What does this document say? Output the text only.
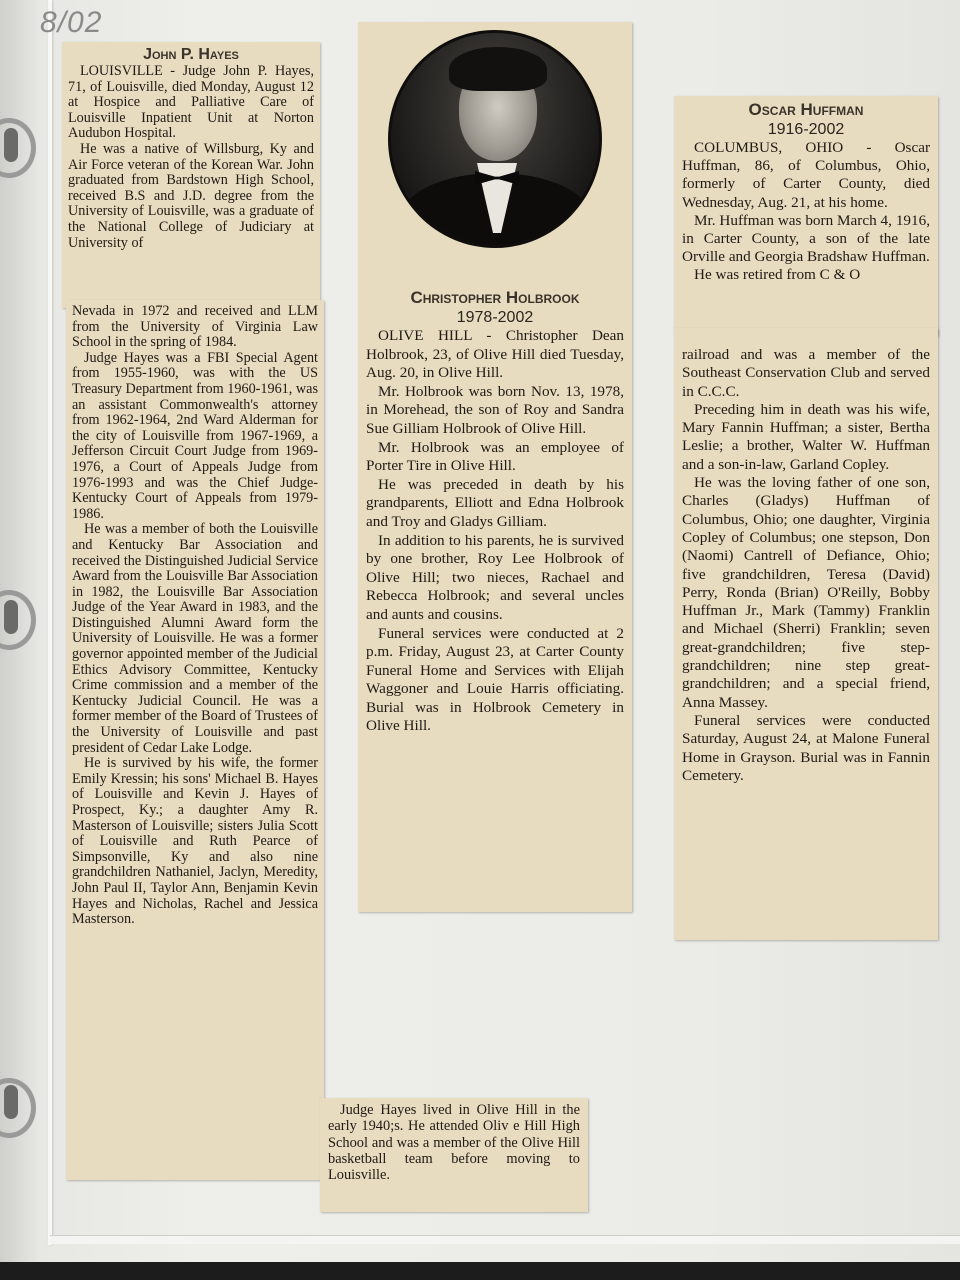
8/02

John P. Hayes

LOUISVILLE - Judge John P. Hayes, 71, of Louisville, died Monday, August 12 at Hospice and Palliative Care of Louisville Inpatient Unit at Norton Audubon Hospital.

He was a native of Willsburg, Ky and Air Force veteran of the Korean War. John graduated from Bardstown High School, received B.S and J.D. degree from the University of Louisville, was a graduate of the National College of Judiciary at University of

Nevada in 1972 and received and LLM from the University of Virginia Law School in the spring of 1984.

Judge Hayes was a FBI Special Agent from 1955-1960, was with the US Treasury Department from 1960-1961, was an assistant Commonwealth's attorney from 1962-1964, 2nd Ward Alderman for the city of Louisville from 1967-1969, a Jefferson Circuit Court Judge from 1969-1976, a Court of Appeals Judge from 1976-1993 and was the Chief Judge-Kentucky Court of Appeals from 1979-1986.

He was a member of both the Louisville and Kentucky Bar Association and received the Distinguished Judicial Service Award from the Louisville Bar Association in 1982, the Louisville Bar Association Judge of the Year Award in 1983, and the Distinguished Alumni Award form the University of Louisville. He was a former governor appointed member of the Judicial Ethics Advisory Committee, Kentucky Crime commission and a member of the Kentucky Judicial Council. He was a former member of the Board of Trustees of the University of Louisville and past president of Cedar Lake Lodge.

He is survived by his wife, the former Emily Kressin; his sons' Michael B. Hayes of Louisville and Kevin J. Hayes of Prospect, Ky.; a daughter Amy R. Masterson of Louisville; sisters Julia Scott of Louisville and Ruth Pearce of Simpsonville, Ky and also nine grandchildren Nathaniel, Jaclyn, Meredity, John Paul II, Taylor Ann, Benjamin Kevin Hayes and Nicholas, Rachel and Jessica Masterson.

Judge Hayes lived in Olive Hill in the early 1940;s. He attended Oliv e Hill High School and was a member of the Olive Hill basketball team before moving to Louisville.

Christopher Holbrook

1978-2002

OLIVE HILL - Christopher Dean Holbrook, 23, of Olive Hill died Tuesday, Aug. 20, in Olive Hill.

Mr. Holbrook was born Nov. 13, 1978, in Morehead, the son of Roy and Sandra Sue Gilliam Holbrook of Olive Hill.

Mr. Holbrook was an employee of Porter Tire in Olive Hill.

He was preceded in death by his grandparents, Elliott and Edna Holbrook and Troy and Gladys Gilliam.

In addition to his parents, he is survived by one brother, Roy Lee Holbrook of Olive Hill; two nieces, Rachael and Rebecca Holbrook; and several uncles and aunts and cousins.

Funeral services were conducted at 2 p.m. Friday, August 23, at Carter County Funeral Home and Services with Elijah Waggoner and Louie Harris officiating. Burial was in Holbrook Cemetery in Olive Hill.

Oscar Huffman

1916-2002

COLUMBUS, OHIO - Oscar Huffman, 86, of Columbus, Ohio, formerly of Carter County, died Wednesday, Aug. 21, at his home.

Mr. Huffman was born March 4, 1916, in Carter County, a son of the late Orville and Georgia Bradshaw Huffman.

He was retired from C & O

railroad and was a member of the Southeast Conservation Club and served in C.C.C.

Preceding him in death was his wife, Mary Fannin Huffman; a sister, Bertha Leslie; a brother, Walter W. Huffman and a son-in-law, Garland Copley.

He was the loving father of one son, Charles (Gladys) Huffman of Columbus, Ohio; one daughter, Virginia Copley of Columbus; one stepson, Don (Naomi) Cantrell of Defiance, Ohio; five grandchildren, Teresa (David) Perry, Ronda (Brian) O'Reilly, Bobby Huffman Jr., Mark (Tammy) Franklin and Michael (Sherri) Franklin; seven great-grandchildren; five step-grandchildren; nine step great-grandchildren; and a special friend, Anna Massey.

Funeral services were conducted Saturday, August 24, at Malone Funeral Home in Grayson. Burial was in Fannin Cemetery.
